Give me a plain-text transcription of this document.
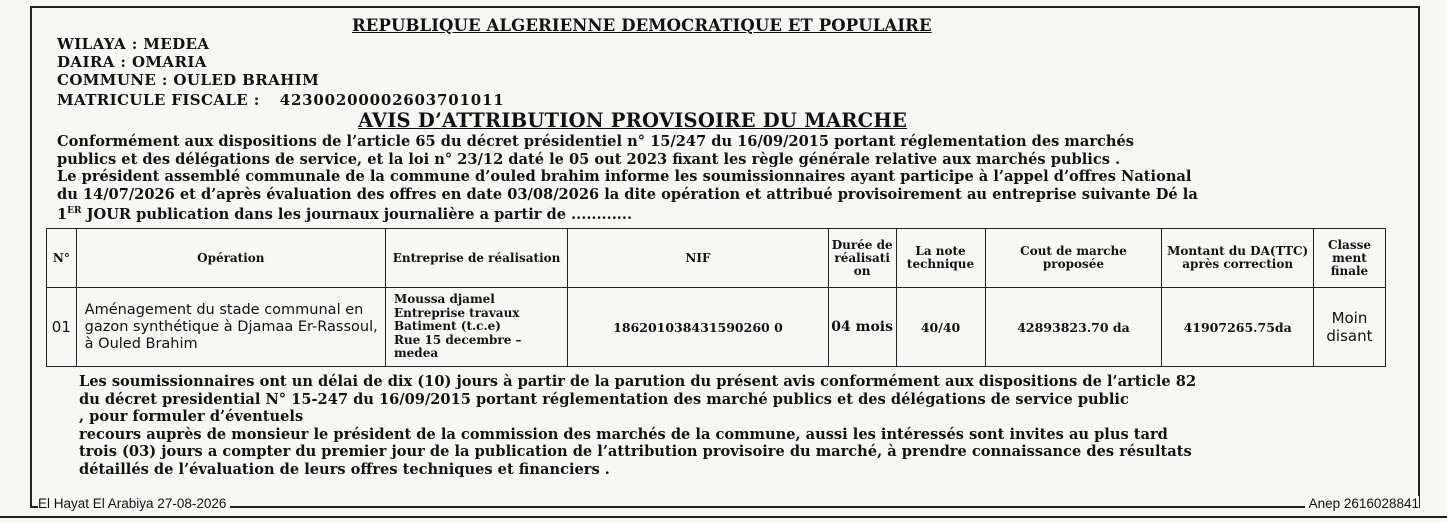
REPUBLIQUE ALGERIENNE DEMOCRATIQUE ET POPULAIRE
WILAYA : MEDEA
DAIRA : OMARIA
COMMUNE : OULED BRAHIM
MATRICULE FISCALE : 42300200002603701011
AVIS D’ATTRIBUTION PROVISOIRE DU MARCHE
Conformément aux dispositions de l’article 65 du décret présidentiel n° 15/247 du 16/09/2015 portant réglementation des marchés
publics et des délégations de service, et la loi n° 23/12 daté le 05 out 2023 fixant les règle générale relative aux marchés publics .
Le président assemblé communale de la commune d’ouled brahim informe les soumissionnaires ayant participe à l’appel d’offres National
du 14/07/2026 et d’après évaluation des offres en date 03/08/2026 la dite opération et attribué provisoirement au entreprise suivante Dé la
1ER JOUR publication dans les journaux journalière a partir de ............
N°	Opération	Entreprise de réalisation	NIF	Durée de réalisati on	La note technique	Cout de marche proposée	Montant du DA(TTC) après correction	Classe ment finale
01	Aménagement du stade communal en gazon synthétique à Djamaa Er-Rassoul, à Ouled Brahim	Moussa djamel
Entreprise travaux
Batiment (t.c.e)
Rue 15 decembre –
medea	186201038431590260 0	04 mois	40/40	42893823.70 da	41907265.75da	Moin disant
Les soumissionnaires ont un délai de dix (10) jours à partir de la parution du présent avis conformément aux dispositions de l’article 82
du décret presidential N° 15-247 du 16/09/2015 portant réglementation des marché publics et des délégations de service public
, pour formuler d’éventuels
recours auprès de monsieur le président de la commission des marchés de la commune, aussi les intéressés sont invites au plus tard
trois (03) jours a compter du premier jour de la publication de l’attribution provisoire du marché, à prendre connaissance des résultats
détaillés de l’évaluation de leurs offres techniques et financiers .
El Hayat El Arabiya 27-08-2026	Anep 2616028841
